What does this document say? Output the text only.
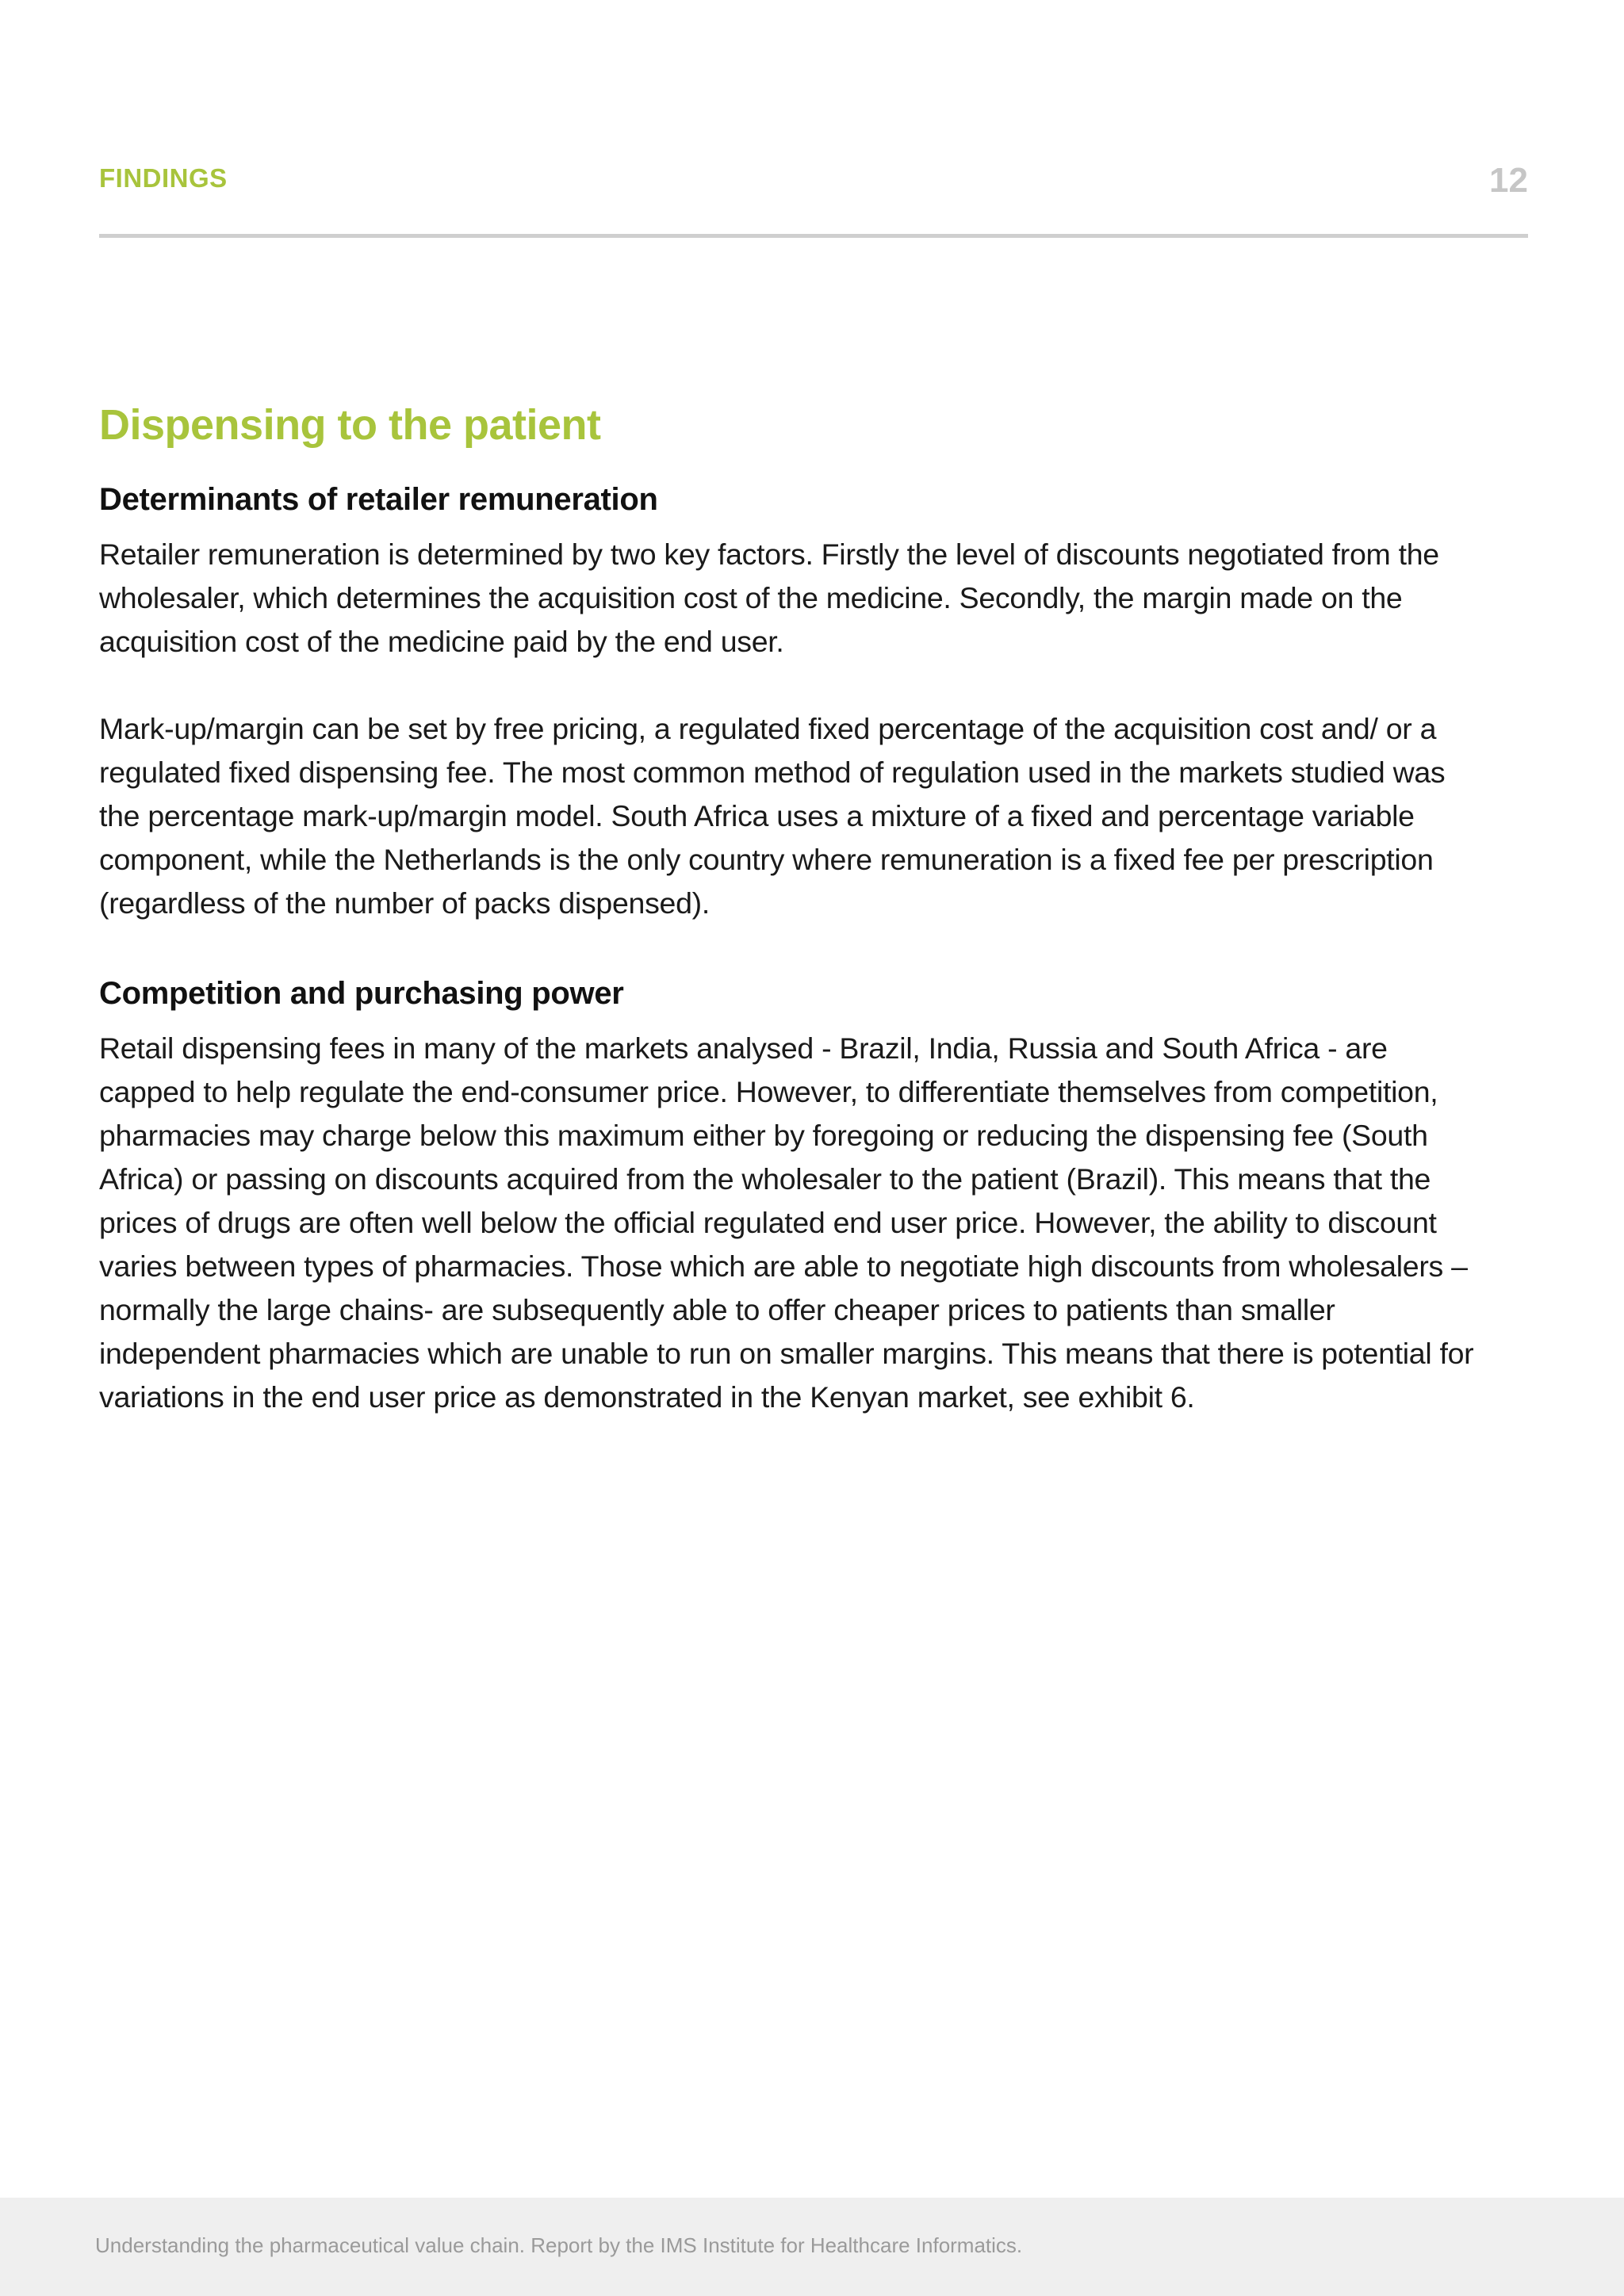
FINDINGS	12
Dispensing to the patient
Determinants of retailer remuneration

Retailer remuneration is determined by two key factors. Firstly the level of discounts negotiated from the wholesaler, which determines the acquisition cost of the medicine. Secondly, the margin made on the acquisition cost of the medicine paid by the end user.

Mark-up/margin can be set by free pricing, a regulated fixed percentage of the acquisition cost and/ or a regulated fixed dispensing fee. The most common method of regulation used in the markets studied was the percentage mark-up/margin model. South Africa uses a mixture of a fixed and percentage variable component, while the Netherlands is the only country where remuneration is a fixed fee per prescription (regardless of the number of packs dispensed).

Competition and purchasing power

Retail dispensing fees in many of the markets analysed - Brazil, India, Russia and South Africa - are capped to help regulate the end-consumer price. However, to differentiate themselves from competition, pharmacies may charge below this maximum either by foregoing or reducing the dispensing fee (South Africa) or passing on discounts acquired from the wholesaler to the patient (Brazil). This means that the prices of drugs are often well below the official regulated end user price. However, the ability to discount varies between types of pharmacies. Those which are able to negotiate high discounts from wholesalers – normally the large chains- are subsequently able to offer cheaper prices to patients than smaller independent pharmacies which are unable to run on smaller margins. This means that there is potential for variations in the end user price as demonstrated in the Kenyan market, see exhibit 6.

Understanding the pharmaceutical value chain. Report by the IMS Institute for Healthcare Informatics.
